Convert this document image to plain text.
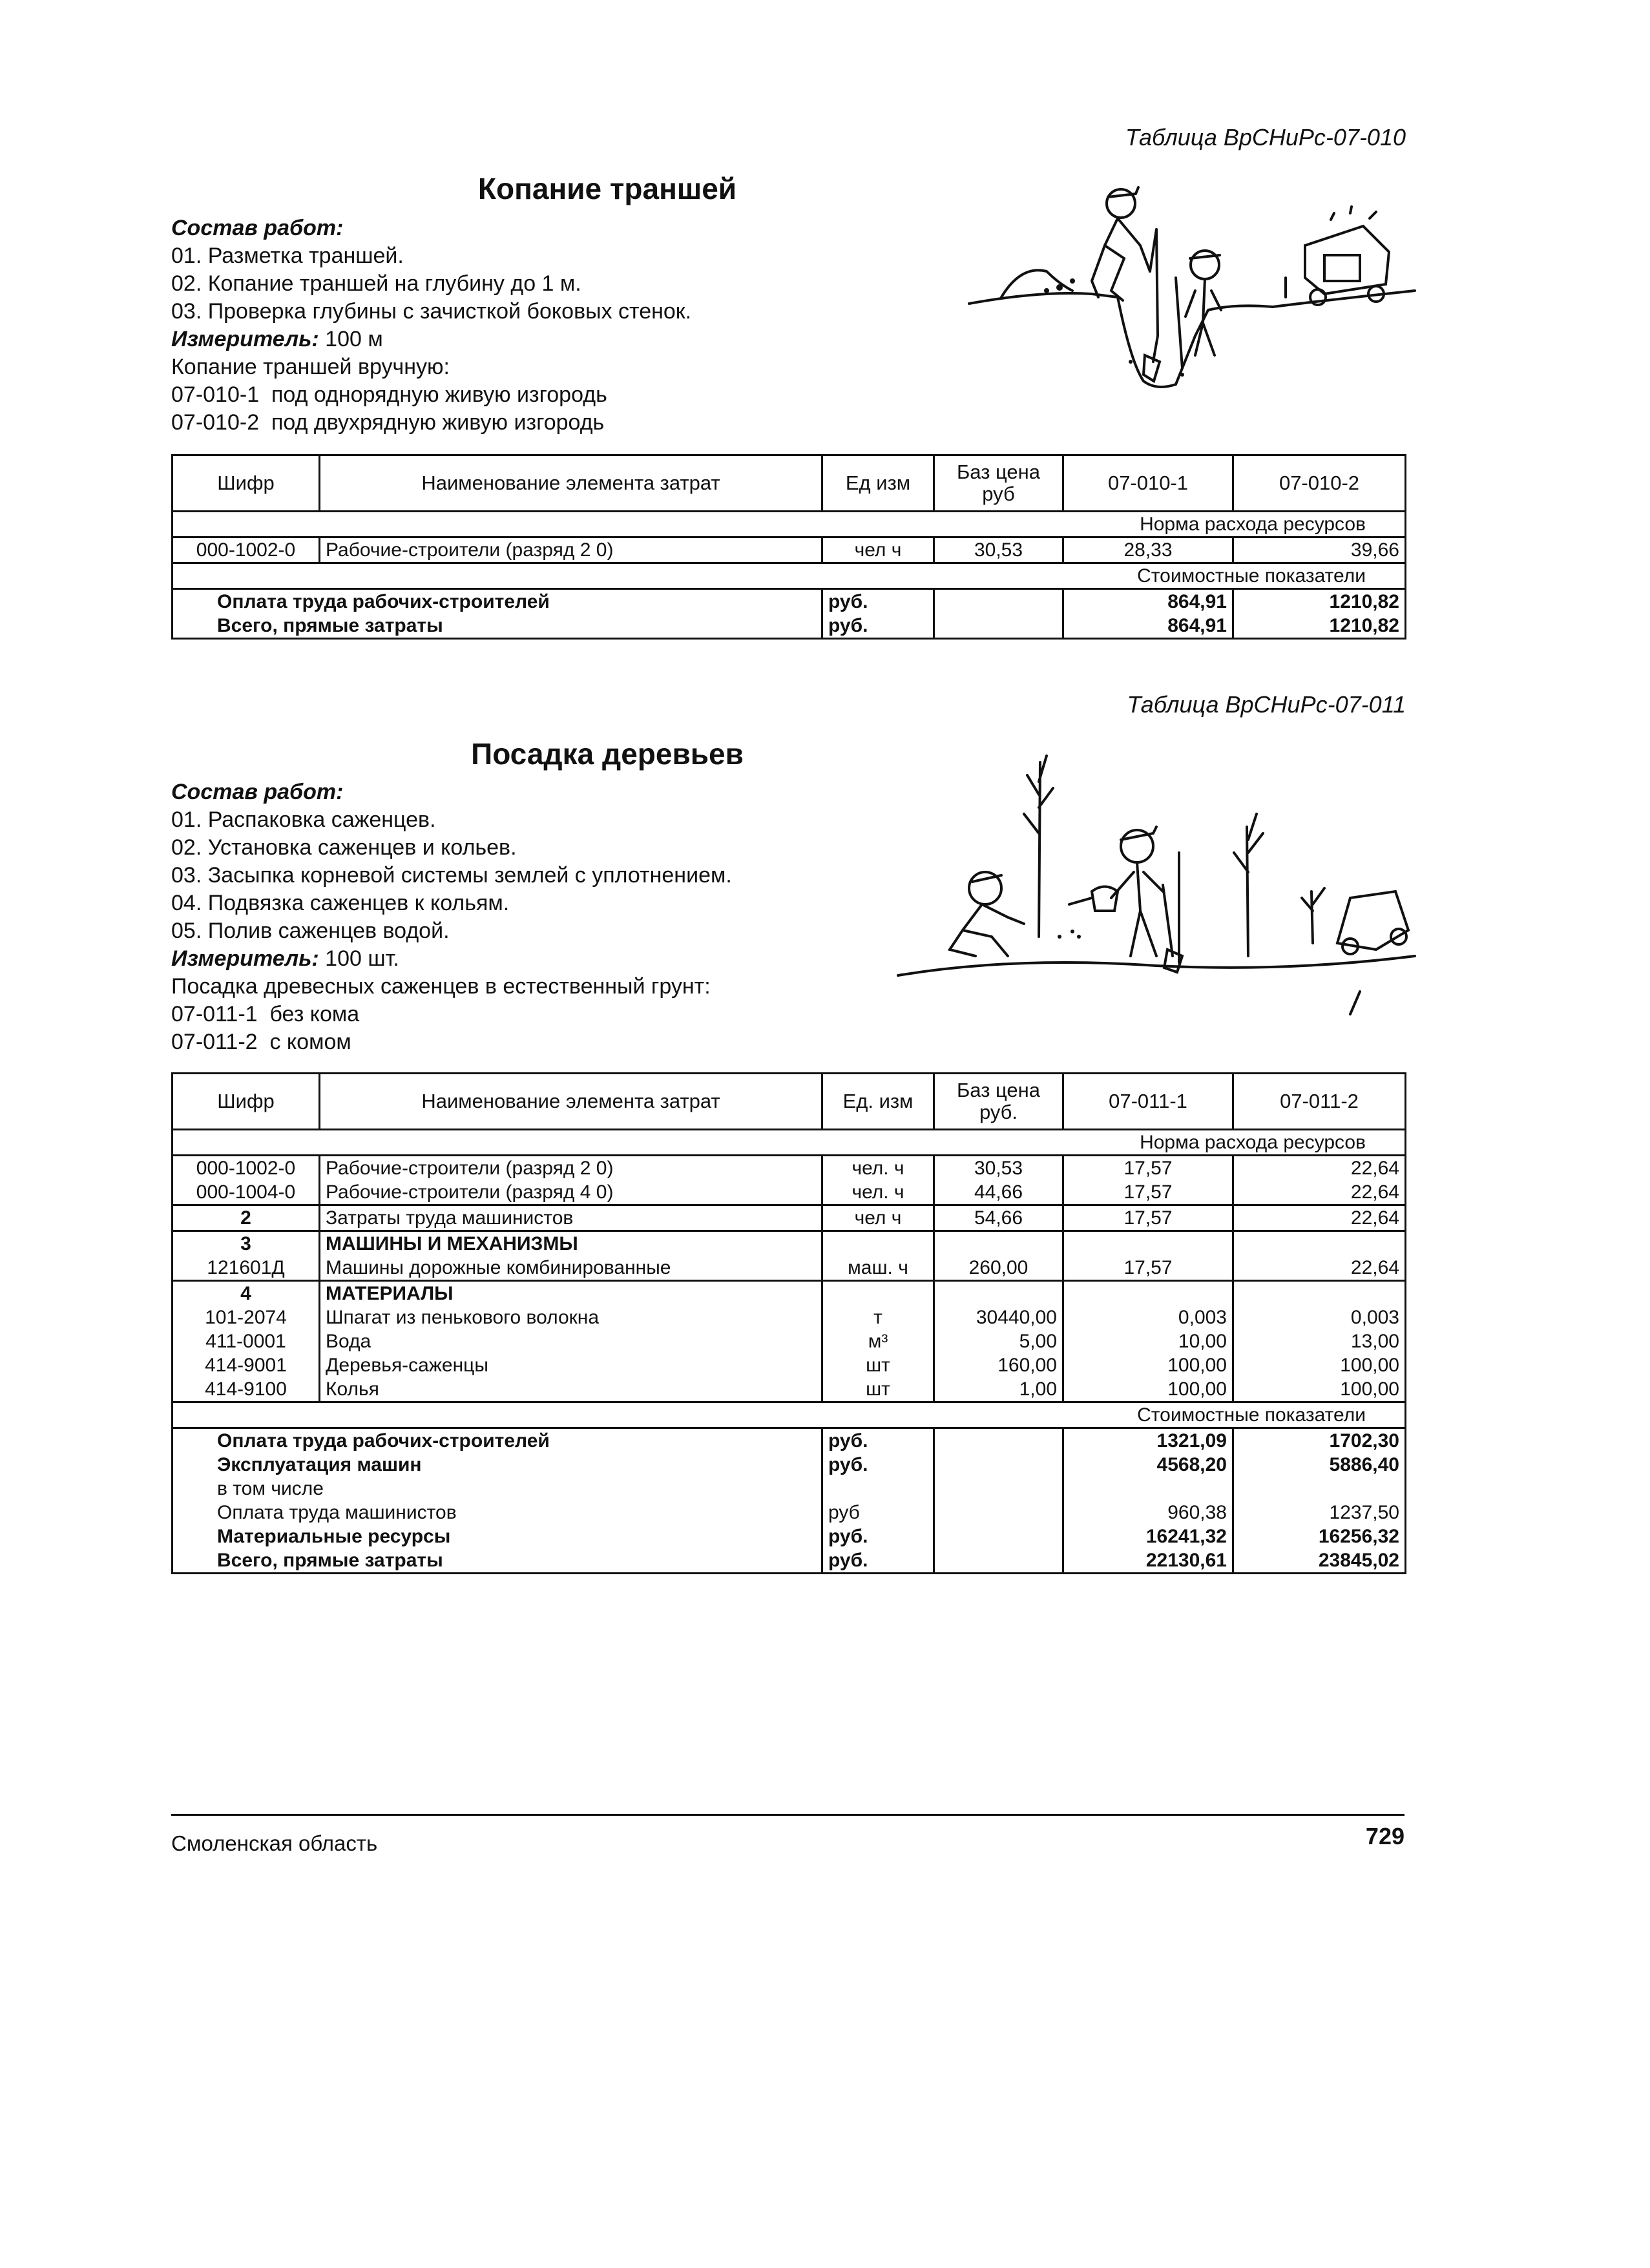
Таблица ВрСНиРс-07-010
Копание траншей
Состав работ:
01. Разметка траншей.
02. Копание траншей на глубину до 1 м.
03. Проверка глубины с зачисткой боковых стенок.
Измеритель: 100 м
Копание траншей вручную:
07-010-1  под однорядную живую изгородь
07-010-2  под двухрядную живую изгородь
Шифр	Наименование элемента затрат	Ед изм	Баз цена руб	07-010-1	07-010-2
Норма расхода ресурсов					
000-1002-0	Рабочие-строители (разряд 2 0)	чел ч	30,53	28,33	39,66
Стоимостные показатели					
Оплата труда рабочих-строителей		руб.		864,91	1210,82
Всего, прямые затраты		руб.		864,91	1210,82
Таблица ВрСНиРс-07-011
Посадка деревьев
Состав работ:
01. Распаковка саженцев.
02. Установка саженцев и кольев.
03. Засыпка корневой системы землей с уплотнением.
04. Подвязка саженцев к кольям.
05. Полив саженцев водой.
Измеритель: 100 шт.
Посадка древесных саженцев в естественный грунт:
07-011-1  без кома
07-011-2  с комом
Шифр	Наименование элемента затрат	Ед. изм	Баз цена руб.	07-011-1	07-011-2
Норма расхода ресурсов					
000-1002-0	Рабочие-строители (разряд 2 0)	чел. ч	30,53	17,57	22,64
000-1004-0	Рабочие-строители (разряд 4 0)	чел. ч	44,66	17,57	22,64
2	Затраты труда машинистов	чел ч	54,66	17,57	22,64
3	МАШИНЫ И МЕХАНИЗМЫ				
121601Д	Машины дорожные комбинированные	маш. ч	260,00	17,57	22,64
4	МАТЕРИАЛЫ				
101-2074	Шпагат из пенькового волокна	т	30440,00	0,003	0,003
411-0001	Вода	м³	5,00	10,00	13,00
414-9001	Деревья-саженцы	шт	160,00	100,00	100,00
414-9100	Колья	шт	1,00	100,00	100,00
Стоимостные показатели					
Оплата труда рабочих-строителей		руб.		1321,09	1702,30
Эксплуатация машин		руб.		4568,20	5886,40
в том числе					
Оплата труда машинистов		руб		960,38	1237,50
Материальные ресурсы		руб.		16241,32	16256,32
Всего, прямые затраты		руб.		22130,61	23845,02
Смоленская область	729
